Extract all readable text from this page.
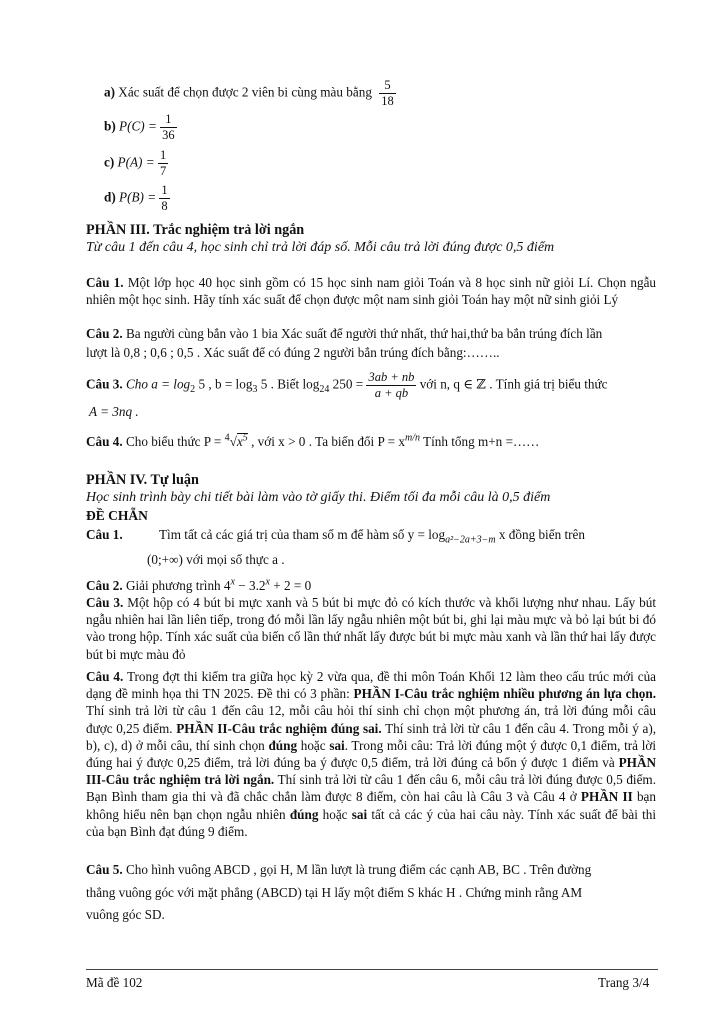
a) Xác suất để chọn được 2 viên bi cùng màu bằng $\frac{5}{18}$
b) $P(C) = \frac{1}{36}$
c) $P(A) = \frac{1}{7}$
d) $P(B) = \frac{1}{8}$
PHẦN III. Trắc nghiệm trả lời ngắn
Từ câu 1 đến câu 4, học sinh chỉ trả lời đáp số. Mỗi câu trả lời đúng được 0,5 điểm

Câu 1. Một lớp học 40 học sinh gồm có 15 học sinh nam giỏi Toán và 8 học sinh nữ giỏi Lí. Chọn ngẫu nhiên một học sinh. Hãy tính xác suất để chọn được một nam sinh giỏi Toán hay một nữ sinh giỏi Lý

Câu 2. Ba người cùng bắn vào 1 bia Xác suất để người thứ nhất, thứ hai,thứ ba bắn trúng đích lần
lượt là 0,8 ; 0,6 ; 0,5 . Xác suất để có đúng 2 người bắn trúng đích bằng:……..
Câu 3. Cho $a = \log_2 5$ , $b = \log_3 5$ . Biết $\log_{24} 250 = \frac{3ab + nb}{a + qb}$ với n, q ∈ ℤ . Tính giá trị biểu thức
A = 3nq .
Câu 4. Cho biểu thức $P = ^4√x^5$ , với x > 0 . Ta biến đổi $P = x^{m/n}$ Tính tổng m+n =……
PHẦN IV. Tự luận
Học sinh trình bày chi tiết bài làm vào tờ giấy thi. Điểm tối đa mỗi câu là 0,5 điểm
ĐỀ CHẴN
Câu 1.	Tìm tất cả các giá trị của tham số m để hàm số $y = \log_{a^2-2a+3-m} x$ đồng biến trên
(0;+∞) với mọi số thực a .
Câu 2. Giải phương trình $4^x - 3.2^x + 2 = 0$

Câu 3. Một hộp có 4 bút bi mực xanh và 5 bút bi mực đỏ có kích thước và khối lượng như nhau. Lấy bút ngẫu nhiên hai lần liên tiếp, trong đó mỗi lần lấy ngẫu nhiên một bút bi, ghi lại màu mực và bỏ lại bút bi đó vào trong hộp. Tính xác suất của biến cố lần thứ nhất lấy được bút bi mực màu xanh và lần thứ hai lấy được bút bi mực màu đỏ

Câu 4. Trong đợt thi kiểm tra giữa học kỳ 2 vừa qua, đề thi môn Toán Khối 12 làm theo cấu trúc mới của dạng đề minh họa thi TN 2025. Đề thi có 3 phần: PHẦN I-Câu trắc nghiệm nhiều phương án lựa chọn. Thí sinh trả lời từ câu 1 đến câu 12, mỗi câu hỏi thí sinh chỉ chọn một phương án, trả lời đúng mỗi câu được 0,25 điểm. PHẦN II-Câu trắc nghiệm đúng sai. Thí sinh trả lời từ câu 1 đến câu 4. Trong mỗi ý a), b), c), d) ở mỗi câu, thí sinh chọn đúng hoặc sai. Trong mỗi câu: Trả lời đúng một ý được 0,1 điểm, trả lời đúng hai ý được 0,25 điểm, trả lời đúng ba ý được 0,5 điểm, trả lời đúng cả bốn ý được 1 điểm và PHẦN III-Câu trắc nghiệm trả lời ngắn. Thí sinh trả lời từ câu 1 đến câu 6, mỗi câu trả lời đúng được 0,5 điểm. Bạn Bình tham gia thi và đã chắc chắn làm được 8 điểm, còn hai câu là Câu 3 và Câu 4 ở PHẦN II bạn không hiểu nên bạn chọn ngẫu nhiên đúng hoặc sai tất cả các ý của hai câu này. Tính xác suất để bài thi của bạn Bình đạt đúng 9 điểm.

Câu 5. Cho hình vuông ABCD , gọi H, M lần lượt là trung điểm các cạnh AB, BC . Trên đường
thẳng vuông góc với mặt phẳng (ABCD) tại H lấy một điểm S khác H . Chứng minh rằng AM
vuông góc SD.
Mã đề 102	Trang 3/4
